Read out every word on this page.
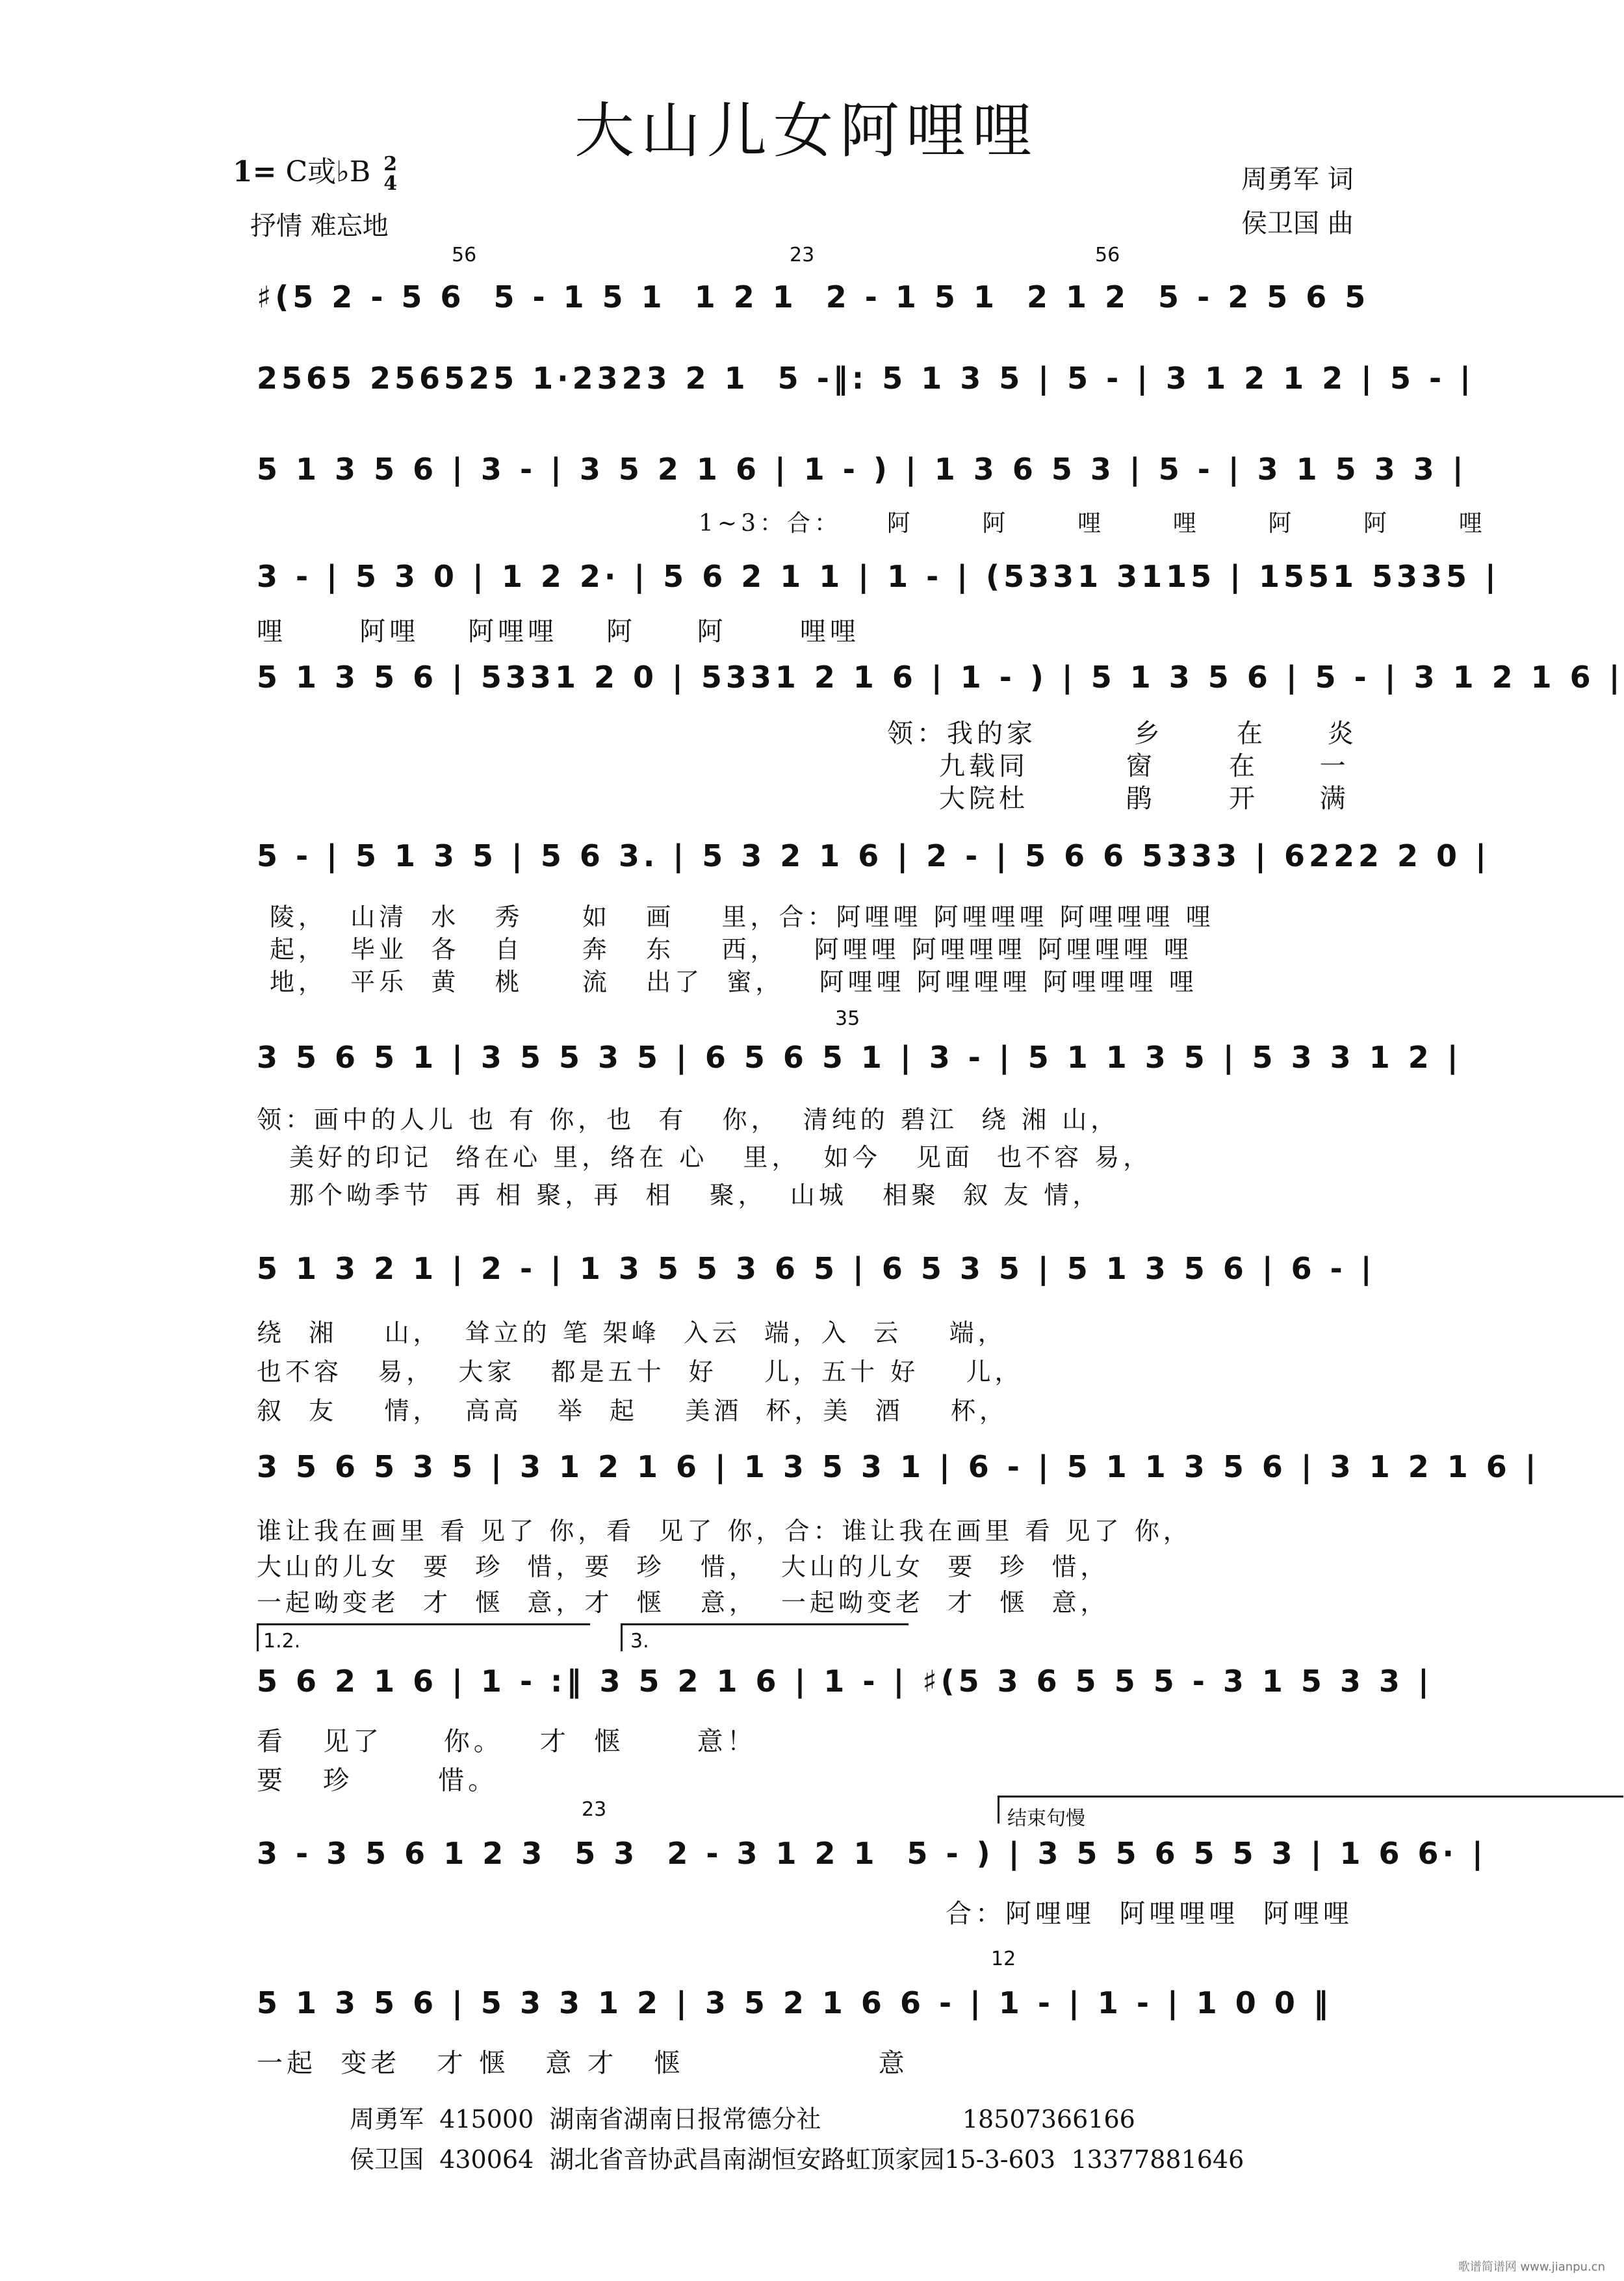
大山儿女阿哩哩
1= C或♭B 2
4
抒情 难忘地
周勇军 词
侯卫国 曲
56	23	56
♯(5 2 - 5 6  5 - 1 5 1  1 2 1  2 - 1 5 1  2 1 2  5 - 2 5 6 5
2565 256525 1·2323 2 1  5 -‖: 5 1 3 5 | 5 - | 3 1 2 1 2 | 5 - |
5 1 3 5 6 | 3 - | 3 5 2 1 6 | 1 - ) | 1 3 6 5 3 | 5 - | 3 1 5 3 3 |
1~3：合：    阿      阿      哩      哩      阿      阿      哩
3 - | 5 3 0 | 1 2 2· | 5 6 2 1 1 | 1 - | (5331 3115 | 1551 5335 |
哩      阿哩    阿哩哩    阿     阿      哩哩
5 1 3 5 6 | 5331 2 0 | 5331 2 1 6 | 1 - ) | 5 1 3 5 6 | 5 - | 3 1 2 1 6 |
领：我的家        乡      在     炎
九载同        窗      在     一
大院杜        鹃      开     满
5 - | 5 1 3 5 | 5 6 3. | 5 3 2 1 6 | 2 - | 5 6 6 5333 | 6222 2 0 |
陵，  山清  水   秀     如   画    里，合：阿哩哩 阿哩哩哩 阿哩哩哩 哩
起，  毕业  各   自     奔   东    西，   阿哩哩 阿哩哩哩 阿哩哩哩 哩
地，  平乐  黄   桃     流   出了  蜜，   阿哩哩 阿哩哩哩 阿哩哩哩 哩
35
3 5 6 5 1 | 3 5 5 3 5 | 6 5 6 5 1 | 3 - | 5 1 1 3 5 | 5 3 3 1 2 |
领：画中的人儿 也 有 你，也  有   你，  清纯的 碧江  绕 湘 山，
美好的印记  络在心 里，络在 心   里，  如今   见面  也不容 易，
那个呦季节  再 相 聚，再  相   聚，  山城   相聚  叙 友 情，
5 1 3 2 1 | 2 - | 1 3 5 5 3 6 5 | 6 5 3 5 | 5 1 3 5 6 | 6 - |
绕  湘    山，  耸立的 笔 架峰  入云  端，入  云    端，
也不容   易，  大家   都是五十  好    儿，五十 好    儿，
叙  友    情，  高高   举  起    美酒  杯，美  酒    杯，
3 5 6 5 3 5 | 3 1 2 1 6 | 1 3 5 3 1 | 6 - | 5 1 1 3 5 6 | 3 1 2 1 6 |
谁让我在画里 看 见了 你，看  见了 你，合：谁让我在画里 看 见了 你，
大山的儿女  要  珍  惜，要  珍   惜，  大山的儿女  要  珍  惜，
一起呦变老  才  惬  意，才  惬   意，  一起呦变老  才  惬  意，
1.2.	3.
5 6 2 1 6 | 1 - :‖ 3 5 2 1 6 | 1 - | ♯(5 3 6 5 5 5 - 3 1 5 3 3 |
看   见了     你。   才  惬      意！
要   珍       惜。
结束句慢
23
3 - 3 5 6 1 2 3  5 3  2 - 3 1 2 1  5 - ) | 3 5 5 6 5 5 3 | 1 6 6· |
合：阿哩哩  阿哩哩哩  阿哩哩
12
5 1 3 5 6 | 5 3 3 1 2 | 3 5 2 1 6 6 - | 1 - | 1 - | 1 0 0 ‖
一起  变老   才 惬   意 才   惬                意
周勇军 415000 湖南省湖南日报常德分社	18507366166
侯卫国 430064 湖北省音协武昌南湖恒安路虹顶家园15-3-603 13377881646
歌谱简谱网 www.jianpu.cn
